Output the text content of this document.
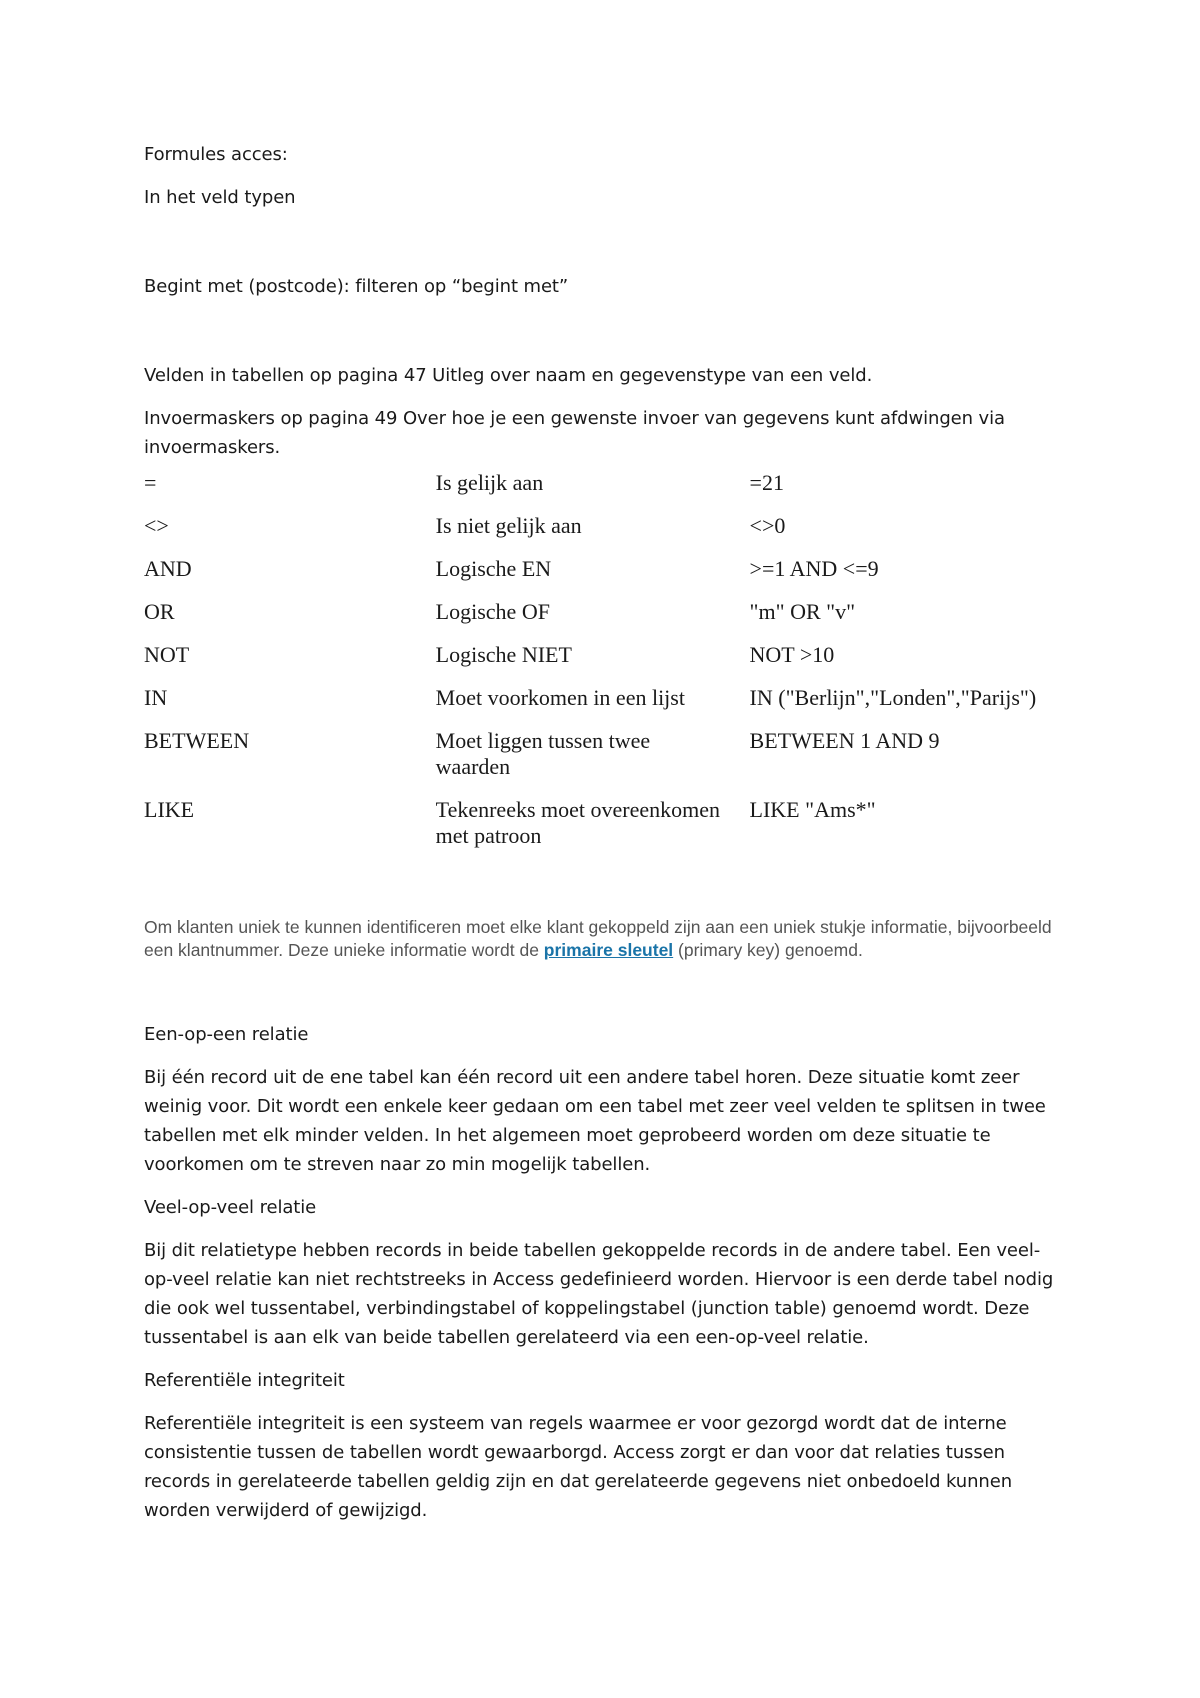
Formules acces:

In het veld typen

Begint met (postcode): filteren op “begint met”

Velden in tabellen op pagina 47 Uitleg over naam en gegevenstype van een veld.

Invoermaskers op pagina 49 Over hoe je een gewenste invoer van gegevens kunt afdwingen via invoermaskers.

=	Is gelijk aan	=21
<>	Is niet gelijk aan	<>0
AND	Logische EN	>=1 AND <=9
OR	Logische OF	"m" OR "v"
NOT	Logische NIET	NOT >10
IN	Moet voorkomen in een lijst	IN ("Berlijn","Londen","Parijs")
BETWEEN	Moet liggen tussen twee waarden	BETWEEN 1 AND 9
LIKE	Tekenreeks moet overeenkomen met patroon	LIKE "Ams*"
Om klanten uniek te kunnen identificeren moet elke klant gekoppeld zijn aan een uniek stukje informatie, bijvoorbeeld een klantnummer. Deze unieke informatie wordt de primaire sleutel (primary key) genoemd.

Een-op-een relatie

Bij één record uit de ene tabel kan één record uit een andere tabel horen. Deze situatie komt zeer weinig voor. Dit wordt een enkele keer gedaan om een tabel met zeer veel velden te splitsen in twee tabellen met elk minder velden. In het algemeen moet geprobeerd worden om deze situatie te voorkomen om te streven naar zo min mogelijk tabellen.

Veel-op-veel relatie

Bij dit relatietype hebben records in beide tabellen gekoppelde records in de andere tabel. Een veel-op-veel relatie kan niet rechtstreeks in Access gedefinieerd worden. Hiervoor is een derde tabel nodig die ook wel tussentabel, verbindingstabel of koppelingstabel (junction table) genoemd wordt. Deze tussentabel is aan elk van beide tabellen gerelateerd via een een-op-veel relatie.

Referentiële integriteit

Referentiële integriteit is een systeem van regels waarmee er voor gezorgd wordt dat de interne consistentie tussen de tabellen wordt gewaarborgd. Access zorgt er dan voor dat relaties tussen records in gerelateerde tabellen geldig zijn en dat gerelateerde gegevens niet onbedoeld kunnen worden verwijderd of gewijzigd.
